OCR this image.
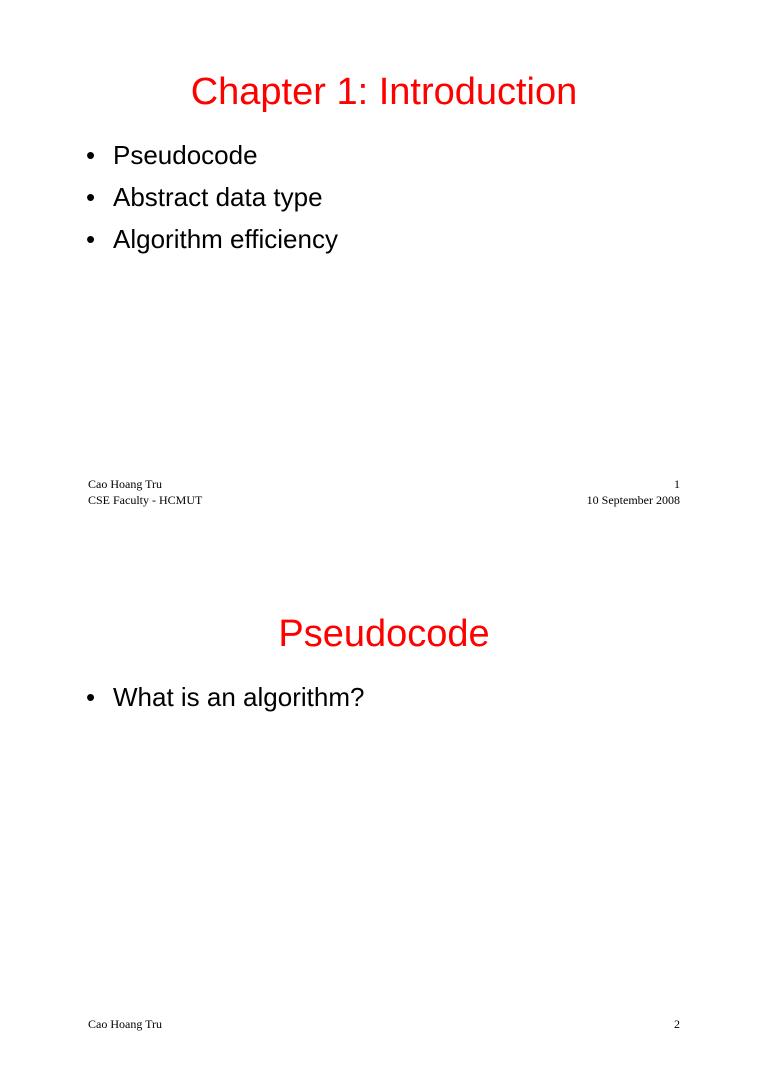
Chapter 1: Introduction
• Pseudocode
• Abstract data type
• Algorithm efficiency
Cao Hoang Tru	1
CSE Faculty - HCMUT	10 September 2008
Pseudocode
• What is an algorithm?
Cao Hoang Tru	2
